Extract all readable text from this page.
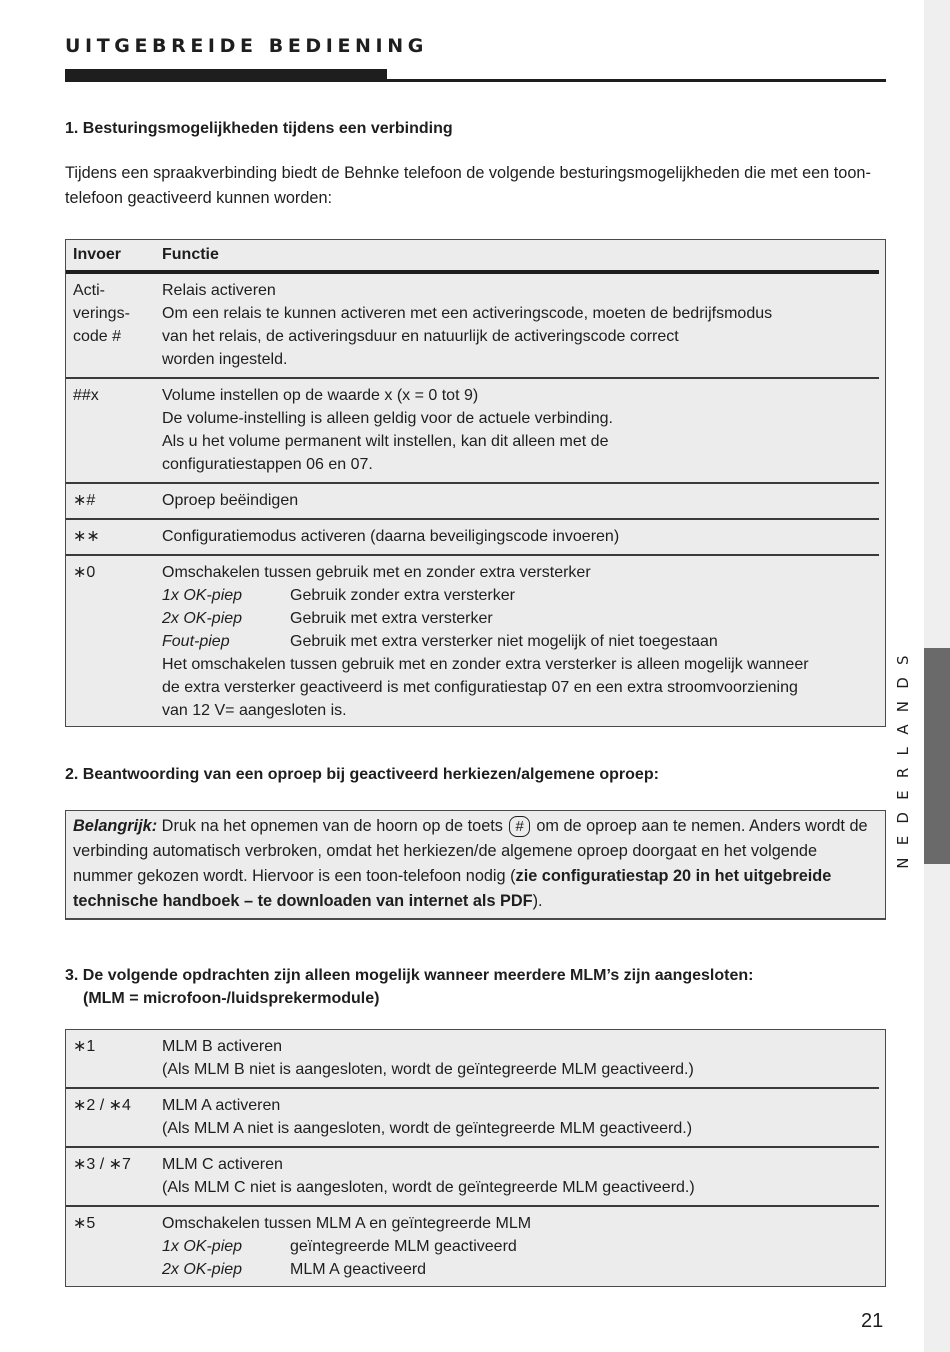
NEDERLANDS
UITGEBREIDE BEDIENING
1. Besturingsmogelijkheden tijdens een verbinding
Tijdens een spraakverbinding biedt de Behnke telefoon de volgende besturingsmogelijkheden die met een toon-telefoon geactiveerd kunnen worden:
Invoer	Functie

Acti-
verings-
code #	Relais activeren
Om een relais te kunnen activeren met een activeringscode, moeten de bedrijfsmodus
van het relais, de activeringsduur en natuurlijk de activeringscode correct
worden ingesteld.

##x	Volume instellen op de waarde x (x = 0 tot 9)
De volume-instelling is alleen geldig voor de actuele verbinding.
Als u het volume permanent wilt instellen, kan dit alleen met de
configuratiestappen 06 en 07.

∗#	Oproep beëindigen
∗∗	Configuratiemodus activeren (daarna beveiligingscode invoeren)
∗0	Omschakelen tussen gebruik met en zonder extra versterker
1x OK-piep	Gebruik zonder extra versterker
2x OK-piep	Gebruik met extra versterker
Fout-piep	Gebruik met extra versterker niet mogelijk of niet toegestaan
Het omschakelen tussen gebruik met en zonder extra versterker is alleen mogelijk wanneer
de extra versterker geactiveerd is met configuratiestap 07 en een extra stroomvoorziening
van 12 V= aangesloten is.
2. Beantwoording van een oproep bij geactiveerd herkiezen/algemene oproep:
Belangrijk: Druk na het opnemen van de hoorn op de toets # om de oproep aan te nemen. Anders wordt de verbinding automatisch verbroken, omdat het herkiezen/de algemene oproep doorgaat en het volgende nummer gekozen wordt. Hiervoor is een toon-telefoon nodig (zie configuratiestap 20 in het uitgebreide technische handboek – te downloaden van internet als PDF).
3. De volgende opdrachten zijn alleen mogelijk wanneer meerdere MLM’s zijn aangesloten:
(MLM = microfoon-/luidsprekermodule)
∗1	MLM B activeren
(Als MLM B niet is aangesloten, wordt de geïntegreerde MLM geactiveerd.)

∗2 / ∗4	MLM A activeren
(Als MLM A niet is aangesloten, wordt de geïntegreerde MLM geactiveerd.)

∗3 / ∗7	MLM C activeren
(Als MLM C niet is aangesloten, wordt de geïntegreerde MLM geactiveerd.)

∗5	Omschakelen tussen MLM A en geïntegreerde MLM
1x OK-piep geïntegreerde MLM geactiveerd
2x OK-piep MLM A geactiveerd
21
